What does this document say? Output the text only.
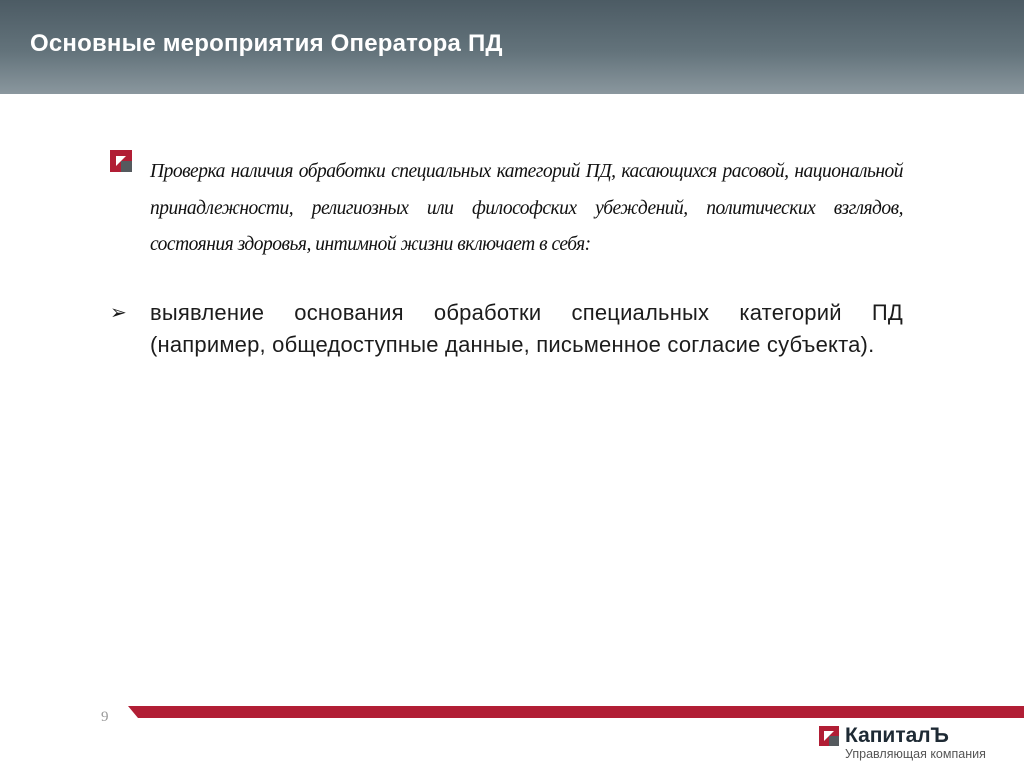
Основные мероприятия Оператора ПД
Проверка наличия обработки специальных категорий ПД, касающихся расовой, национальной принадлежности, религиозных или философских убеждений, политических взглядов, состояния здоровья, интимной жизни включает в себя:
➢ выявление основания обработки специальных категорий ПД (например, общедоступные данные, письменное согласие субъекта).
9
КапиталЪ
Управляющая компания
